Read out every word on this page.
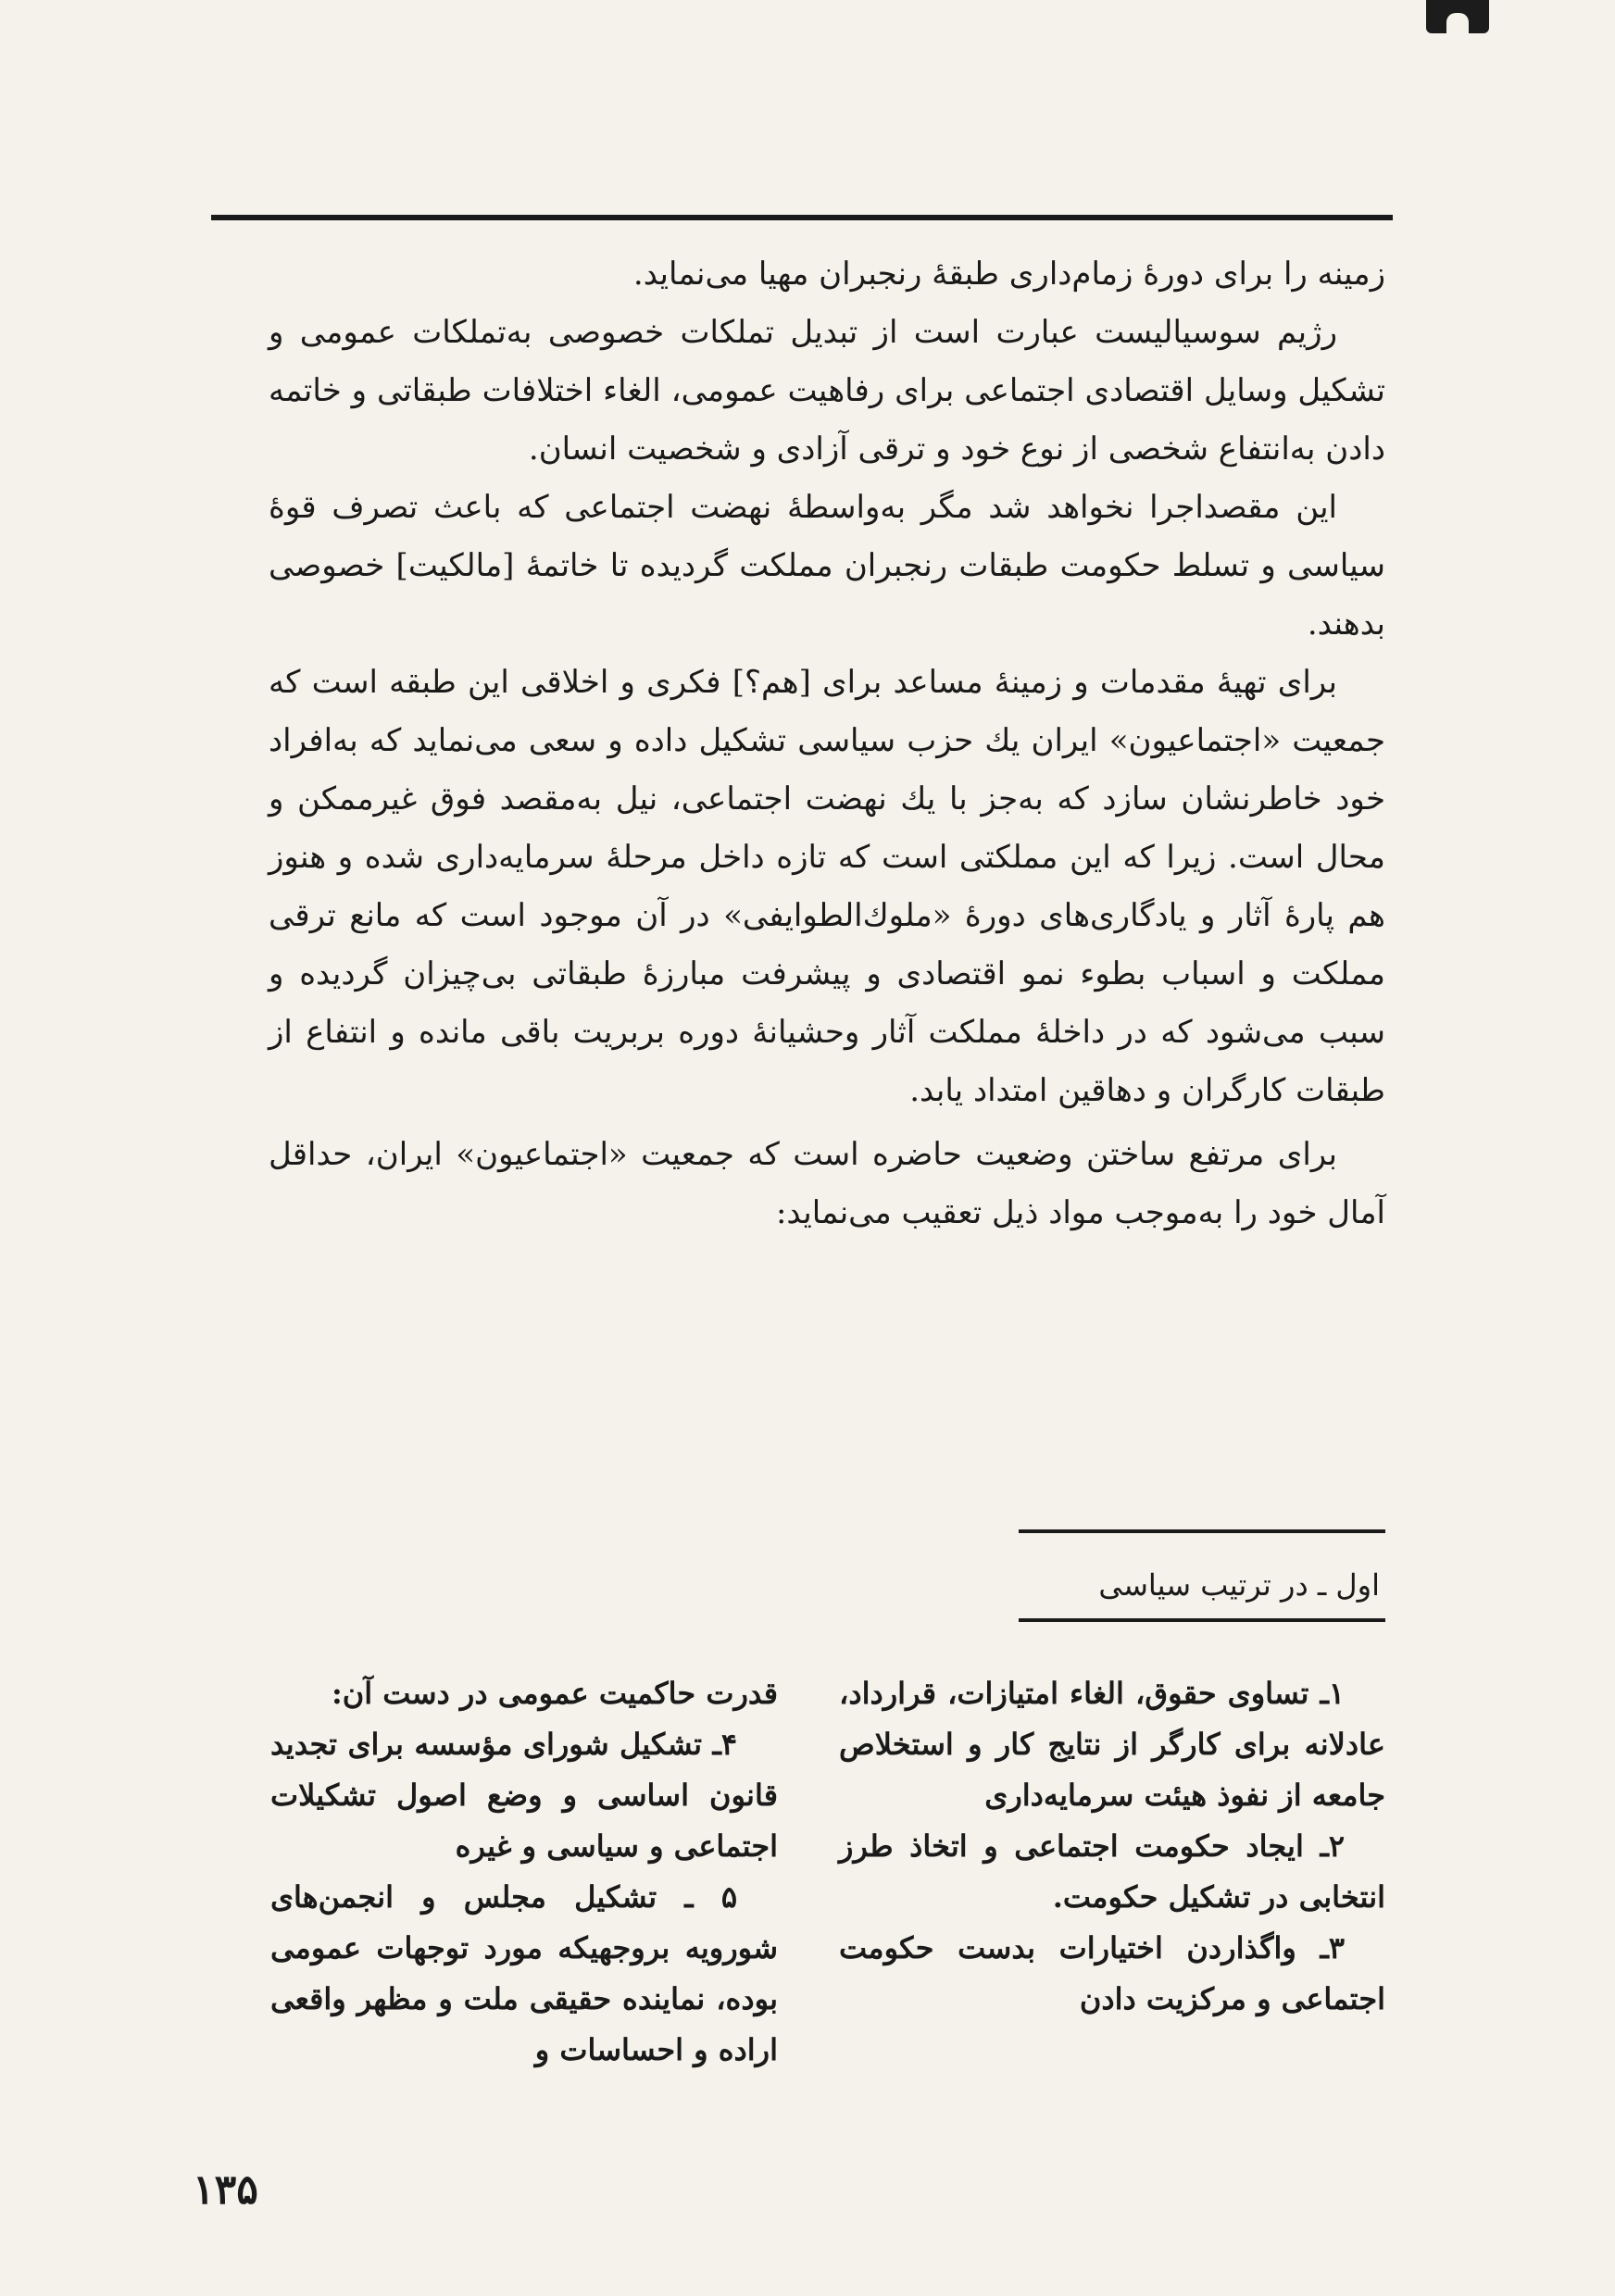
زمینه را برای دورهٔ زمام‌داری طبقهٔ رنجبران مهیا می‌نماید.

رژیم سوسیالیست عبارت است از تبدیل تملکات خصوصی به‌تملکات عمومی و تشکیل وسایل اقتصادی اجتماعی برای رفاهیت عمومی، الغاء اختلافات طبقاتی و خاتمه دادن به‌انتفاع شخصی از نوع خود و ترقی آزادی و شخصیت انسان.

این مقصداجرا نخواهد شد مگر به‌واسطهٔ نهضت اجتماعی که باعث تصرف قوهٔ سیاسی و تسلط حکومت طبقات رنجبران مملکت گردیده تا خاتمهٔ [مالکیت] خصوصی بدهند.

برای تهیهٔ مقدمات و زمینهٔ مساعد برای [هم؟] فکری و اخلاقی این طبقه است که جمعیت «اجتماعیون» ایران يك حزب سیاسی تشکیل داده و سعی می‌نماید که به‌افراد خود خاطرنشان سازد که به‌جز با يك نهضت اجتماعی، نیل به‌مقصد فوق غیرممکن و محال است. زیرا که این مملکتی است که تازه داخل مرحلهٔ سرمایه‌داری شده و هنوز هم پارهٔ آثار و یادگاری‌های دورهٔ «ملوك‌الطوایفی» در آن موجود است که مانع ترقی مملکت و اسباب بطوء نمو اقتصادی و پیشرفت مبارزهٔ طبقاتی بی‌چیزان گردیده و سبب می‌شود که در داخلهٔ مملکت آثار وحشیانهٔ دوره بربریت باقی مانده و انتفاع از طبقات کارگران و دهاقین امتداد یابد.

برای مرتفع ساختن وضعیت حاضره است که جمعیت «اجتماعیون» ایران، حداقل آمال خود را به‌موجب مواد ذیل تعقیب می‌نماید:

اول ـ در ترتیب سیاسی

۱ـ تساوی حقوق، الغاء امتیازات، قرارداد، عادلانه برای کارگر از نتایج کار و استخلاص جامعه از نفوذ هیئت سرمایه‌داری

۲ـ ایجاد حکومت اجتماعی و اتخاذ طرز انتخابی در تشکیل حکومت.

۳ـ واگذاردن اختیارات بدست حکومت اجتماعی و مرکزیت دادن

قدرت حاکمیت عمومی در دست آن:

۴ـ تشکیل شورای مؤسسه برای تجدید قانون اساسی و وضع اصول تشکیلات اجتماعی و سیاسی و غیره

۵ ـ تشکیل مجلس و انجمن‌های شورویه بروجهیکه مورد توجهات عمومی بوده، نماینده حقیقی ملت و مظهر واقعی اراده و احساسات و

۱۳۵
